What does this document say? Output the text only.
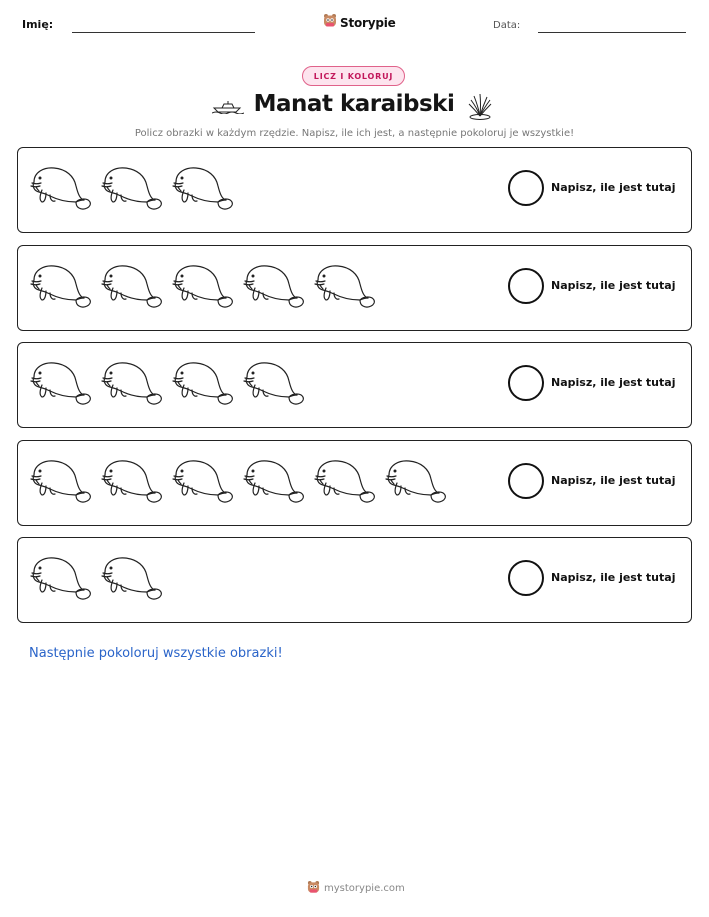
Imię:	Storypie	Data:
LICZ I KOLORUJ
Manat karaibski
Policz obrazki w każdym rzędzie. Napisz, ile ich jest, a następnie pokoloruj je wszystkie!
Napisz, ile jest tutaj
Napisz, ile jest tutaj
Napisz, ile jest tutaj
Napisz, ile jest tutaj
Napisz, ile jest tutaj
Następnie pokoloruj wszystkie obrazki!
mystorypie.com
